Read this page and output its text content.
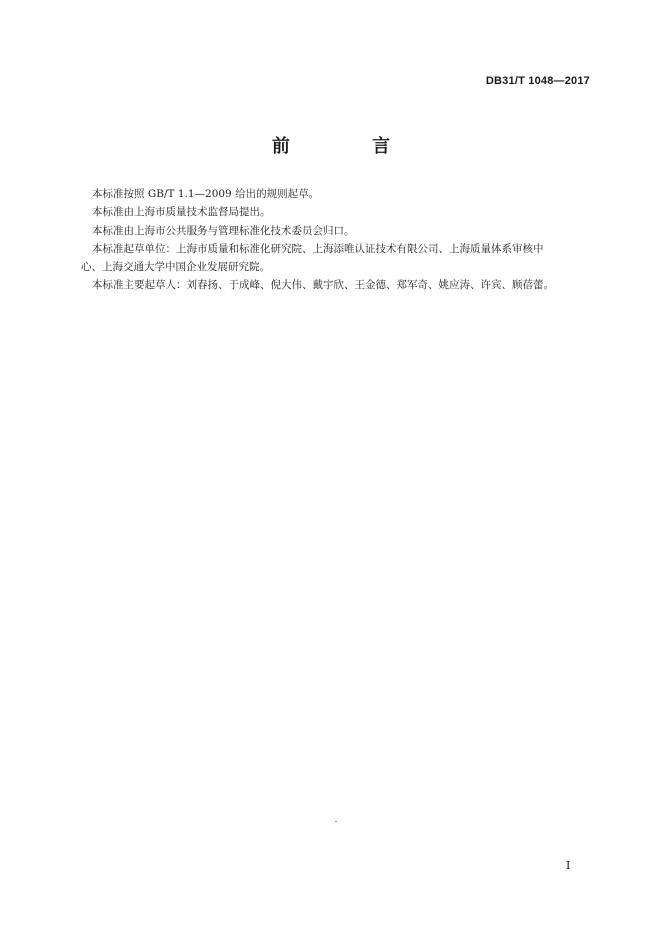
DB31/T 1048—2017
前 言

本标准按照 GB/T 1.1—2009 给出的规则起草。

本标准由上海市质量技术监督局提出。

本标准由上海市公共服务与管理标准化技术委员会归口。

本标准起草单位：上海市质量和标准化研究院、上海添唯认证技术有限公司、上海质量体系审核中

心、上海交通大学中国企业发展研究院。

本标准主要起草人：刘春扬、于成峰、倪大伟、戴宇欣、王金德、郑军奇、姚应涛、许宾、顾蓓蕾。

I
